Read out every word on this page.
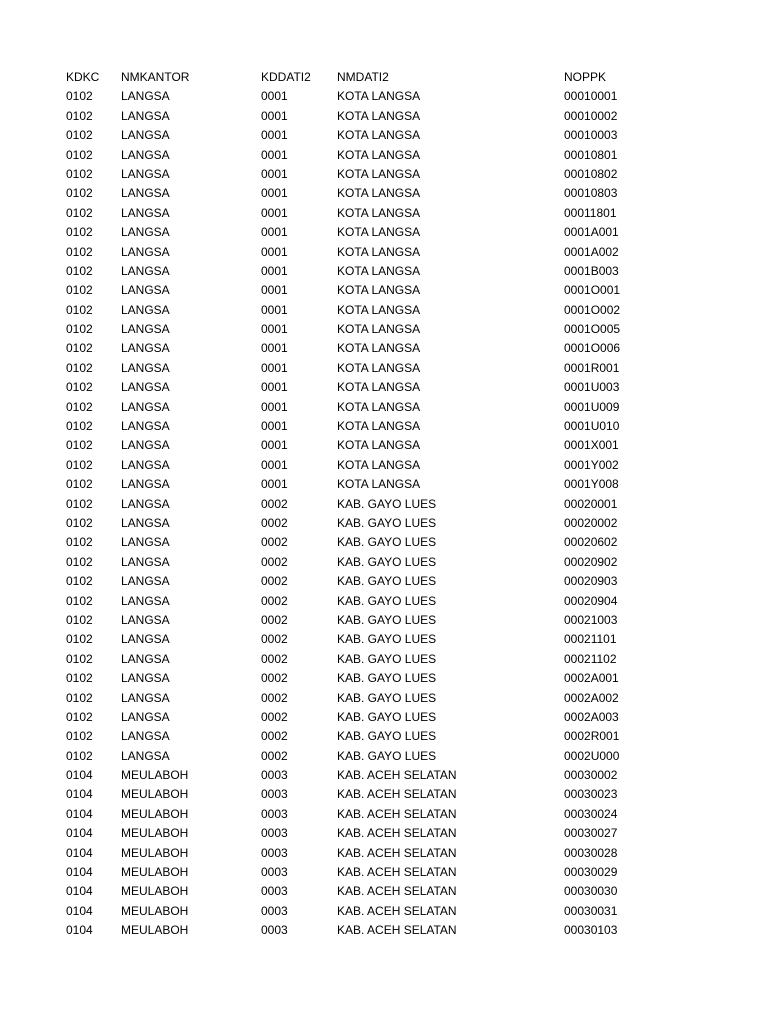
KDKC	NMKANTOR	KDDATI2	NMDATI2	NOPPK
0102	LANGSA	0001	KOTA LANGSA	00010001
0102	LANGSA	0001	KOTA LANGSA	00010002
0102	LANGSA	0001	KOTA LANGSA	00010003
0102	LANGSA	0001	KOTA LANGSA	00010801
0102	LANGSA	0001	KOTA LANGSA	00010802
0102	LANGSA	0001	KOTA LANGSA	00010803
0102	LANGSA	0001	KOTA LANGSA	00011801
0102	LANGSA	0001	KOTA LANGSA	0001A001
0102	LANGSA	0001	KOTA LANGSA	0001A002
0102	LANGSA	0001	KOTA LANGSA	0001B003
0102	LANGSA	0001	KOTA LANGSA	0001O001
0102	LANGSA	0001	KOTA LANGSA	0001O002
0102	LANGSA	0001	KOTA LANGSA	0001O005
0102	LANGSA	0001	KOTA LANGSA	0001O006
0102	LANGSA	0001	KOTA LANGSA	0001R001
0102	LANGSA	0001	KOTA LANGSA	0001U003
0102	LANGSA	0001	KOTA LANGSA	0001U009
0102	LANGSA	0001	KOTA LANGSA	0001U010
0102	LANGSA	0001	KOTA LANGSA	0001X001
0102	LANGSA	0001	KOTA LANGSA	0001Y002
0102	LANGSA	0001	KOTA LANGSA	0001Y008
0102	LANGSA	0002	KAB. GAYO LUES	00020001
0102	LANGSA	0002	KAB. GAYO LUES	00020002
0102	LANGSA	0002	KAB. GAYO LUES	00020602
0102	LANGSA	0002	KAB. GAYO LUES	00020902
0102	LANGSA	0002	KAB. GAYO LUES	00020903
0102	LANGSA	0002	KAB. GAYO LUES	00020904
0102	LANGSA	0002	KAB. GAYO LUES	00021003
0102	LANGSA	0002	KAB. GAYO LUES	00021101
0102	LANGSA	0002	KAB. GAYO LUES	00021102
0102	LANGSA	0002	KAB. GAYO LUES	0002A001
0102	LANGSA	0002	KAB. GAYO LUES	0002A002
0102	LANGSA	0002	KAB. GAYO LUES	0002A003
0102	LANGSA	0002	KAB. GAYO LUES	0002R001
0102	LANGSA	0002	KAB. GAYO LUES	0002U000
0104	MEULABOH	0003	KAB. ACEH SELATAN	00030002
0104	MEULABOH	0003	KAB. ACEH SELATAN	00030023
0104	MEULABOH	0003	KAB. ACEH SELATAN	00030024
0104	MEULABOH	0003	KAB. ACEH SELATAN	00030027
0104	MEULABOH	0003	KAB. ACEH SELATAN	00030028
0104	MEULABOH	0003	KAB. ACEH SELATAN	00030029
0104	MEULABOH	0003	KAB. ACEH SELATAN	00030030
0104	MEULABOH	0003	KAB. ACEH SELATAN	00030031
0104	MEULABOH	0003	KAB. ACEH SELATAN	00030103
